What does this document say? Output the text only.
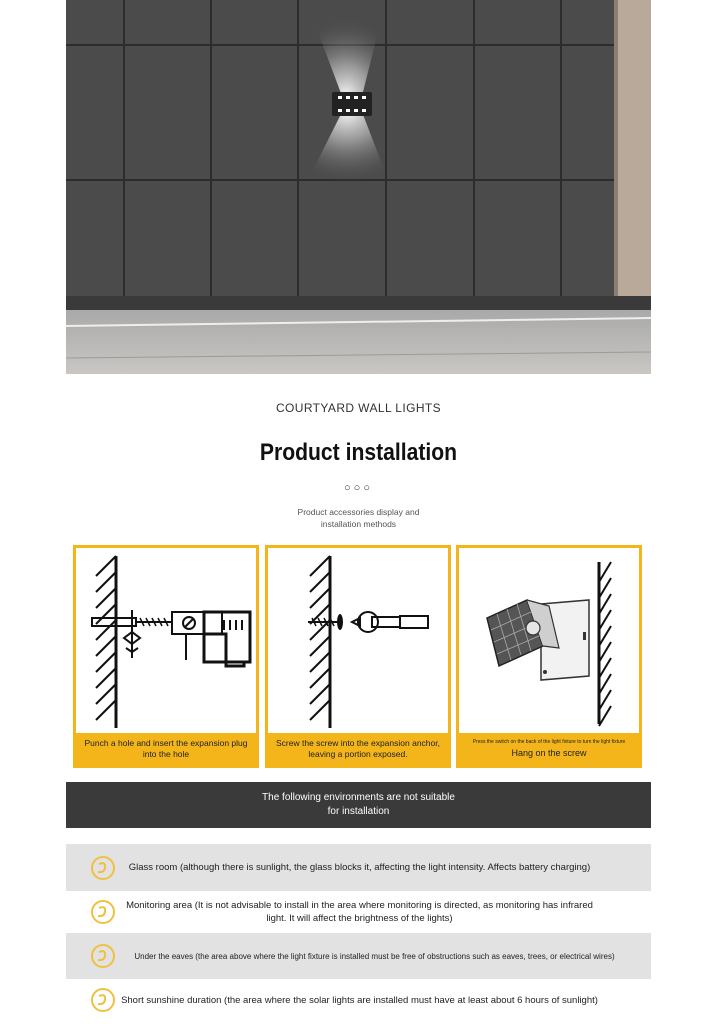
COURTYARD WALL LIGHTS
Product installation
○○○
Product accessories display and installation methods
Punch a hole and insert the expansion plug into the hole
Screw the screw into the expansion anchor, leaving a portion exposed.
Press the switch on the back of the light fixture to turn the light fixture
Hang on the screw
The following environments are not suitable for installation
Glass room (although there is sunlight, the glass blocks it, affecting the light intensity. Affects battery charging)
Monitoring area (It is not advisable to install in the area where monitoring is directed, as monitoring has infrared light. It will affect the brightness of the lights)
Under the eaves (the area above where the light fixture is installed must be free of obstructions such as eaves, trees, or electrical wires)
Short sunshine duration (the area where the solar lights are installed must have at least about 6 hours of sunlight)
